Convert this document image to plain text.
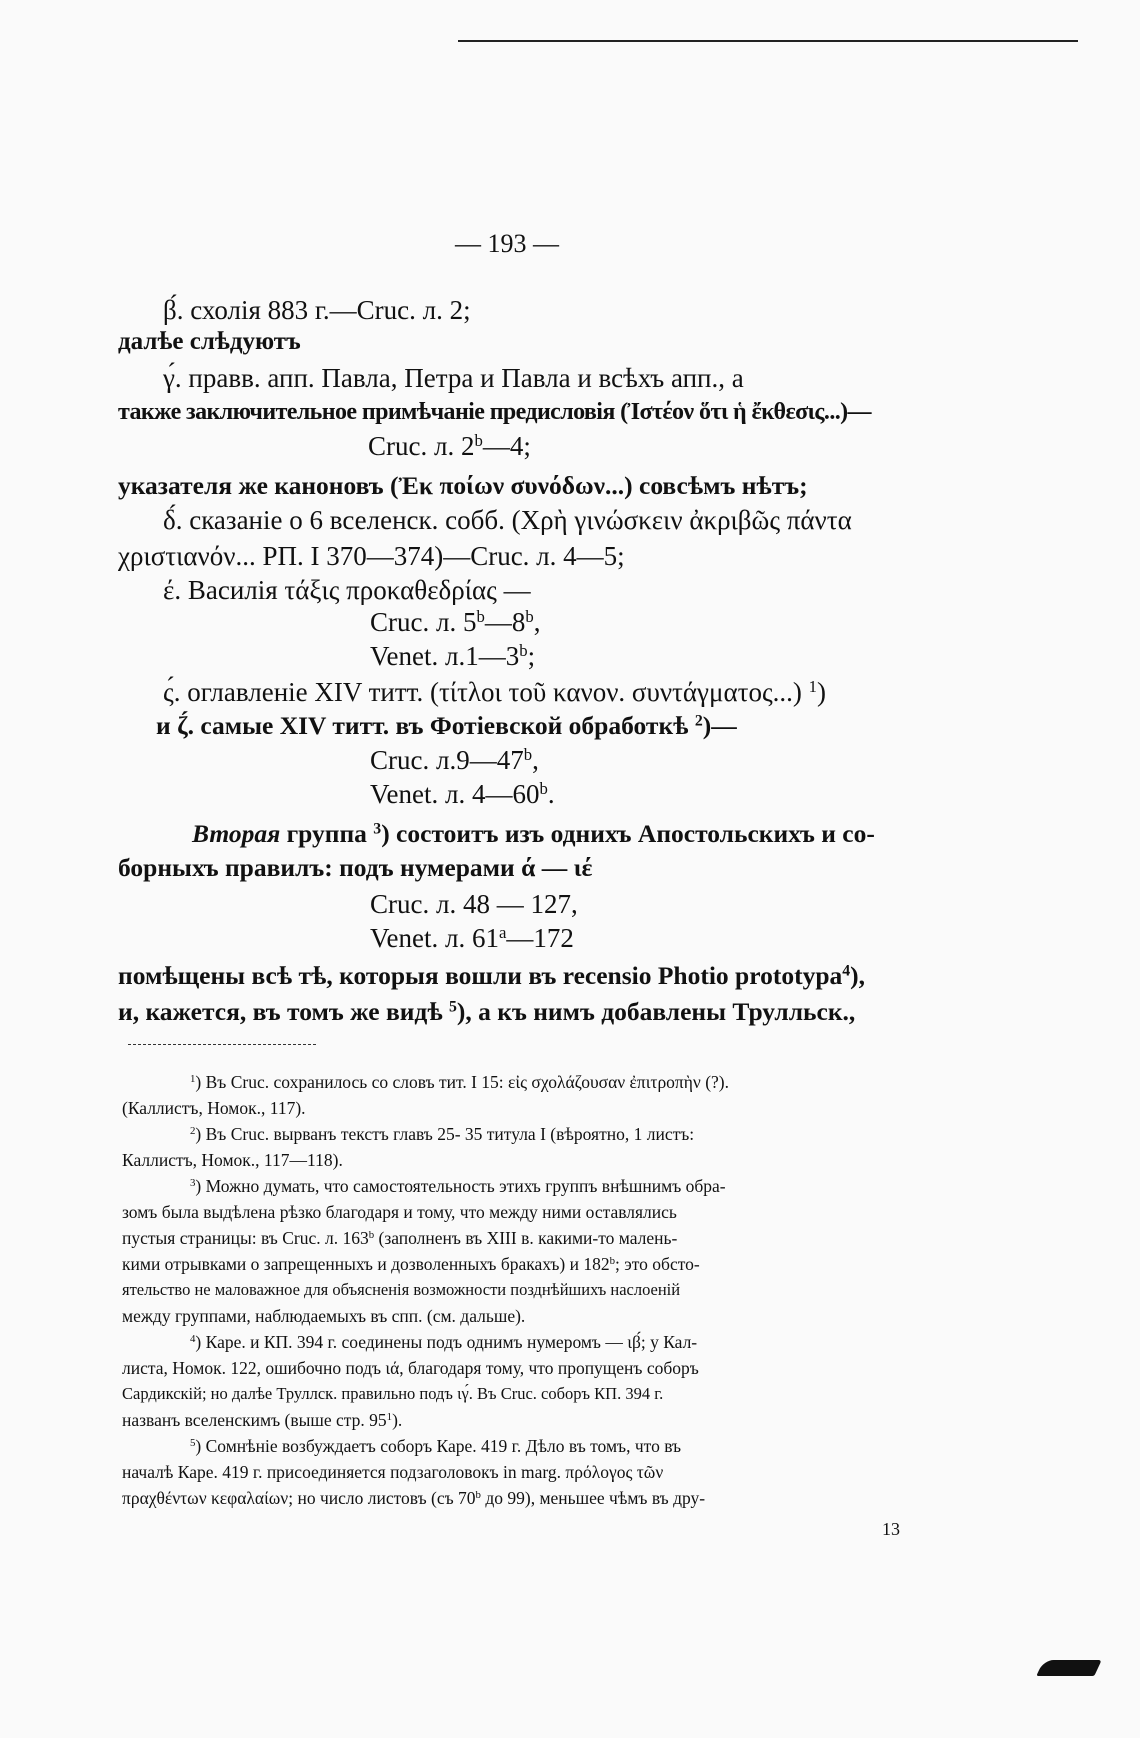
— 193 —
β́. схолія 883 г.—Cruc. л. 2;
далѣе слѣдуютъ
γ́. правв. апп. Павла, Петра и Павла и всѣхъ апп., а
также заключительное примѣчаніе предисловія (Ἰστέον ὅτι ἡ ἔκθεσις...)—
Cruc. л. 2$^b$—4;
указателя же каноновъ (Ἐκ ποίων συνόδων...) совсѣмъ нѣтъ;
δ́. сказаніе о 6 вселенск. собб. (Χρὴ γινώσκειν ἀκριβῶς πάντα
χριστιανόν... РП. I 370—374)—Cruc. л. 4—5;
έ. Василія τάξις προκαθεδρίας —
Cruc. л. 5$^b$—8$^b$,
Venet. л.1—3$^b$;
ς́. оглавленіе XIV титт. (τίτλοι τοῦ κανον. συντάγματος...) $^1$)
и ζ́. самые XIV титт. въ Фотіевской обработкѣ $^2$)—
Cruc. л.9—47$^b$,
Venet. л. 4—60$^b$.
Вторая группа $^3$) состоитъ изъ однихъ Апостольскихъ и со-
борныхъ правилъ: подъ нумерами ά — ιέ
Cruc. л. 48 — 127,
Venet. л. 61$^a$—172
помѣщены всѣ тѣ, которыя вошли въ recensio Photio prototypa$^4$),
и, кажется, въ томъ же видѣ $^5$), а къ нимъ добавлены Трулльск.,
$^1$) Въ Cruc. сохранилось со словъ тит. I 15: εἰς σχολάζουσαν ἐπιτροπὴν (?).
(Каллистъ, Номок., 117).
$^2$) Въ Cruc. вырванъ текстъ главъ 25- 35 титула I (вѣроятно, 1 листъ:
Каллистъ, Номок., 117—118).
$^3$) Можно думать, что самостоятельность этихъ группъ внѣшнимъ обра-
зомъ была выдѣлена рѣзко благодаря и тому, что между ними оставлялись
пустыя страницы: въ Cruc. л. 163$^b$ (заполненъ въ XIII в. какими-то малень-
кими отрывками о запрещенныхъ и дозволенныхъ бракахъ) и 182$^b$; это обсто-
ятельство не маловажное для объясненія возможности позднѣйшихъ наслоеній
между группами, наблюдаемыхъ въ спп. (см. дальше).
$^4$) Каре. и КП. 394 г. соединены подъ однимъ нумеромъ — ιβ́; у Кал-
листа, Номок. 122, ошибочно подъ ιά, благодаря тому, что пропущенъ соборъ
Сардикскій; но далѣе Труллск. правильно подъ ιγ́. Въ Cruc. соборъ КП. 394 г.
названъ вселенскимъ (выше стр. $95^1$).
$^5$) Сомнѣніе возбуждаетъ соборъ Каре. 419 г. Дѣло въ томъ, что въ
началѣ Каре. 419 г. присоединяется подзаголовокъ in marg. πρόλογος τῶν
πραχθέντων κεφαλαίων; но число листовъ (съ 70$^b$ до 99), меньшее чѣмъ въ дру-
13
